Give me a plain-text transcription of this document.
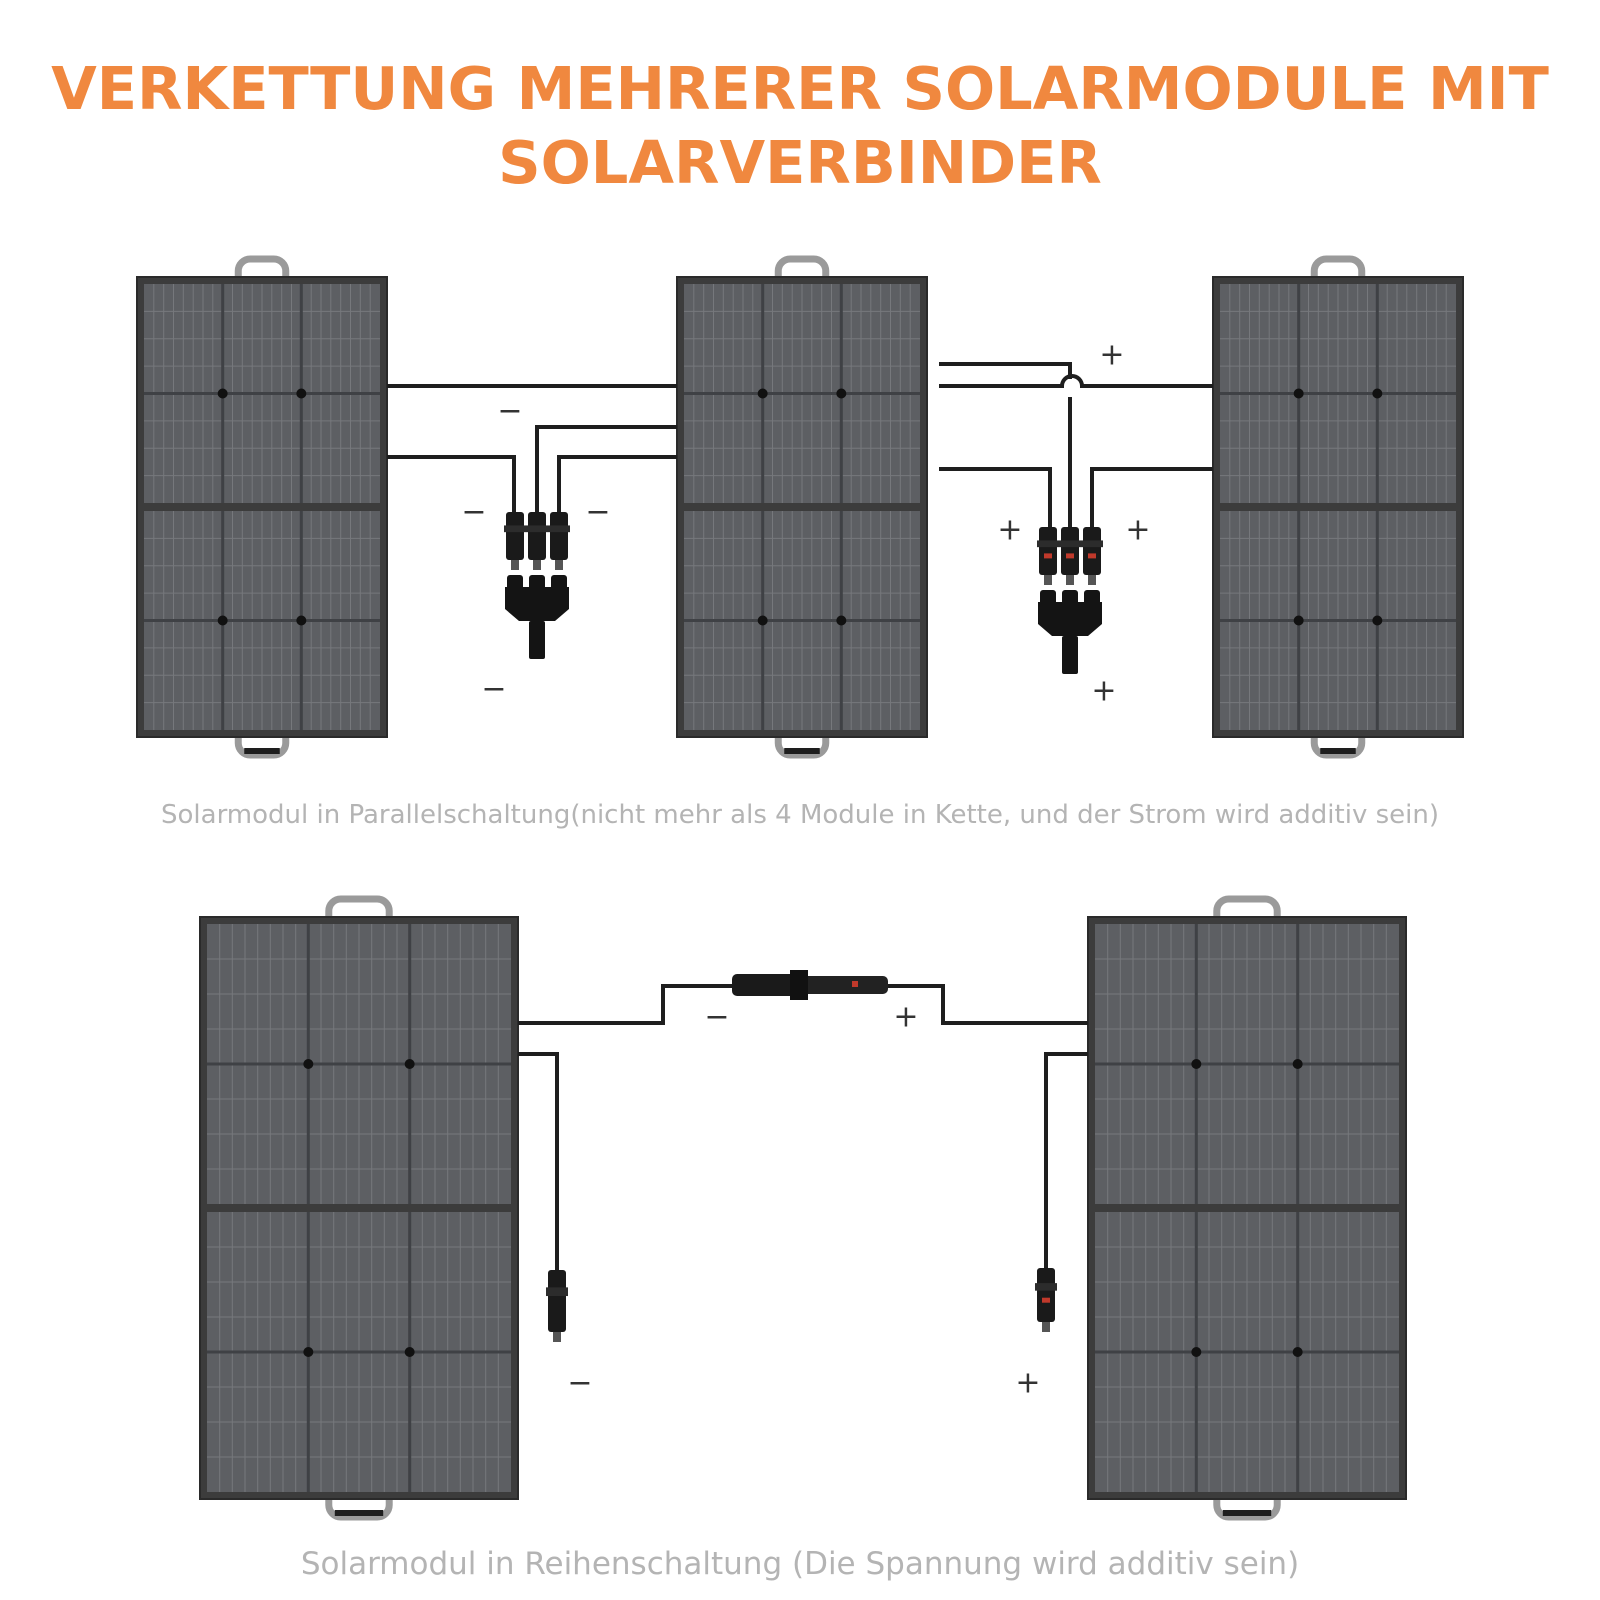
VERKETTUNG MEHRERER SOLARMODULE MIT
SOLARVERBINDER
−
−	−
−
+
+	+
+
−	+
−	+
Solarmodul in Parallelschaltung(nicht mehr als 4 Module in Kette, und der Strom wird additiv sein)
Solarmodul in Reihenschaltung (Die Spannung wird additiv sein)
